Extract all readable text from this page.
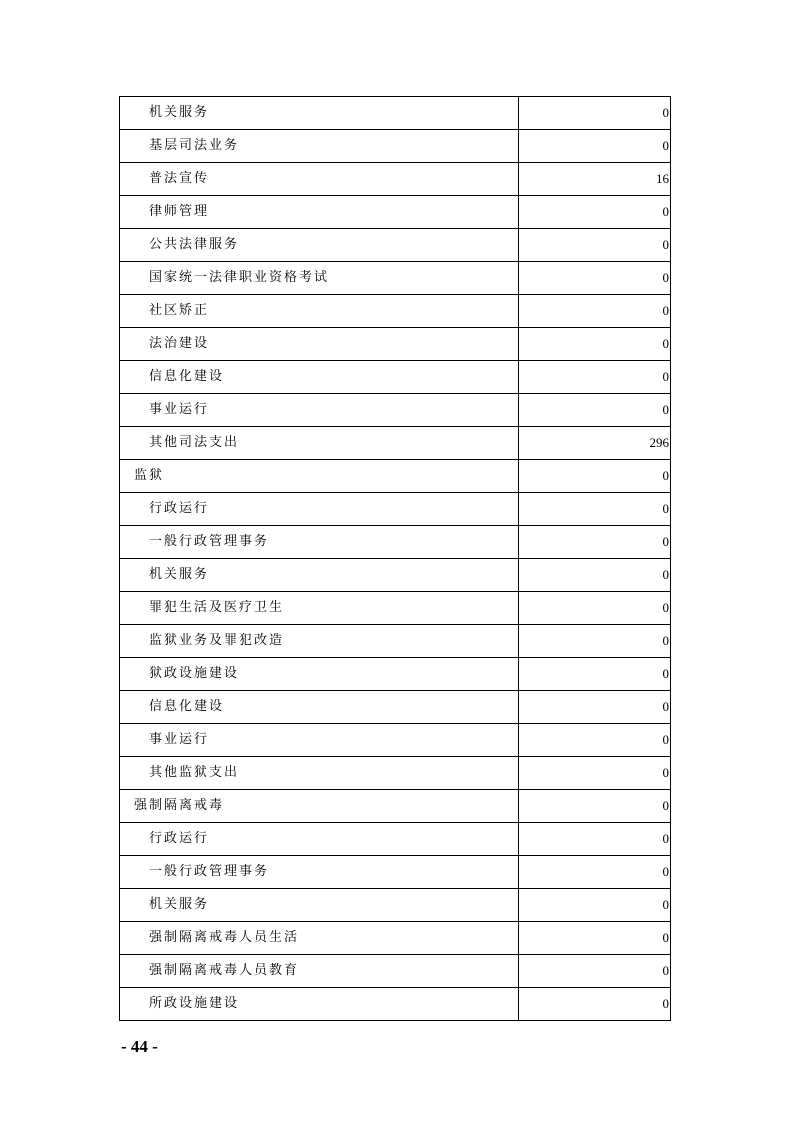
机关服务	0
基层司法业务	0
普法宣传	16
律师管理	0
公共法律服务	0
国家统一法律职业资格考试	0
社区矫正	0
法治建设	0
信息化建设	0
事业运行	0
其他司法支出	296
监狱	0
行政运行	0
一般行政管理事务	0
机关服务	0
罪犯生活及医疗卫生	0
监狱业务及罪犯改造	0
狱政设施建设	0
信息化建设	0
事业运行	0
其他监狱支出	0
强制隔离戒毒	0
行政运行	0
一般行政管理事务	0
机关服务	0
强制隔离戒毒人员生活	0
强制隔离戒毒人员教育	0
所政设施建设	0
- 44 -
